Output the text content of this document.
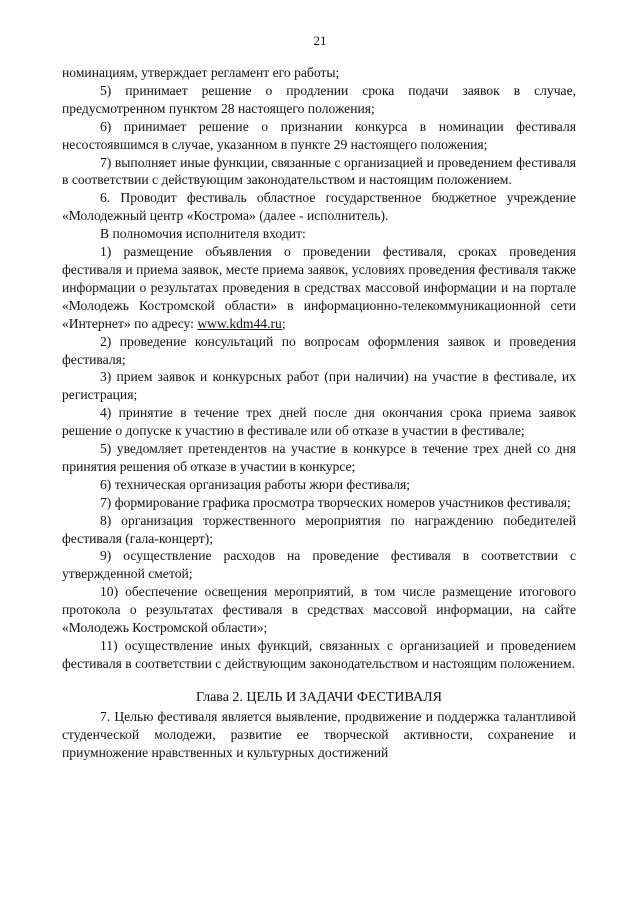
21

номинациям, утверждает регламент его работы;

5) принимает решение о продлении срока подачи заявок в случае, предусмотренном пунктом 28 настоящего положения;

6) принимает решение о признании конкурса в номинации фестиваля несостоявшимся в случае, указанном в пункте 29 настоящего положения;

7) выполняет иные функции, связанные с организацией и проведением фестиваля в соответствии с действующим законодательством и настоящим положением.

6. Проводит фестиваль областное государственное бюджетное учреждение «Молодежный центр «Кострома» (далее - исполнитель).

В полномочия исполнителя входит:

1) размещение объявления о проведении фестиваля, сроках проведения фестиваля и приема заявок, месте приема заявок, условиях проведения фестиваля также информации о результатах проведения в средствах массовой информации и на портале «Молодежь Костромской области» в информационно-телекоммуникационной сети «Интернет» по адресу: www.kdm44.ru;

2) проведение консультаций по вопросам оформления заявок и проведения фестиваля;

3) прием заявок и конкурсных работ (при наличии) на участие в фестивале, их регистрация;

4) принятие в течение трех дней после дня окончания срока приема заявок решение о допуске к участию в фестивале или об отказе в участии в фестивале;

5) уведомляет претендентов на участие в конкурсе в течение трех дней со дня принятия решения об отказе в участии в конкурсе;

6) техническая организация работы жюри фестиваля;

7) формирование графика просмотра творческих номеров участников фестиваля;

8) организация торжественного мероприятия по награждению победителей фестиваля (гала-концерт);

9) осуществление расходов на проведение фестиваля в соответствии с утвержденной сметой;

10) обеспечение освещения мероприятий, в том числе размещение итогового протокола о результатах фестиваля в средствах массовой информации, на сайте «Молодежь Костромской области»;

11) осуществление иных функций, связанных с организацией и проведением фестиваля в соответствии с действующим законодательством и настоящим положением.

Глава 2. ЦЕЛЬ И ЗАДАЧИ ФЕСТИВАЛЯ

7. Целью фестиваля является выявление, продвижение и поддержка талантливой студенческой молодежи, развитие ее творческой активности, сохранение и приумножение нравственных и культурных достижений
